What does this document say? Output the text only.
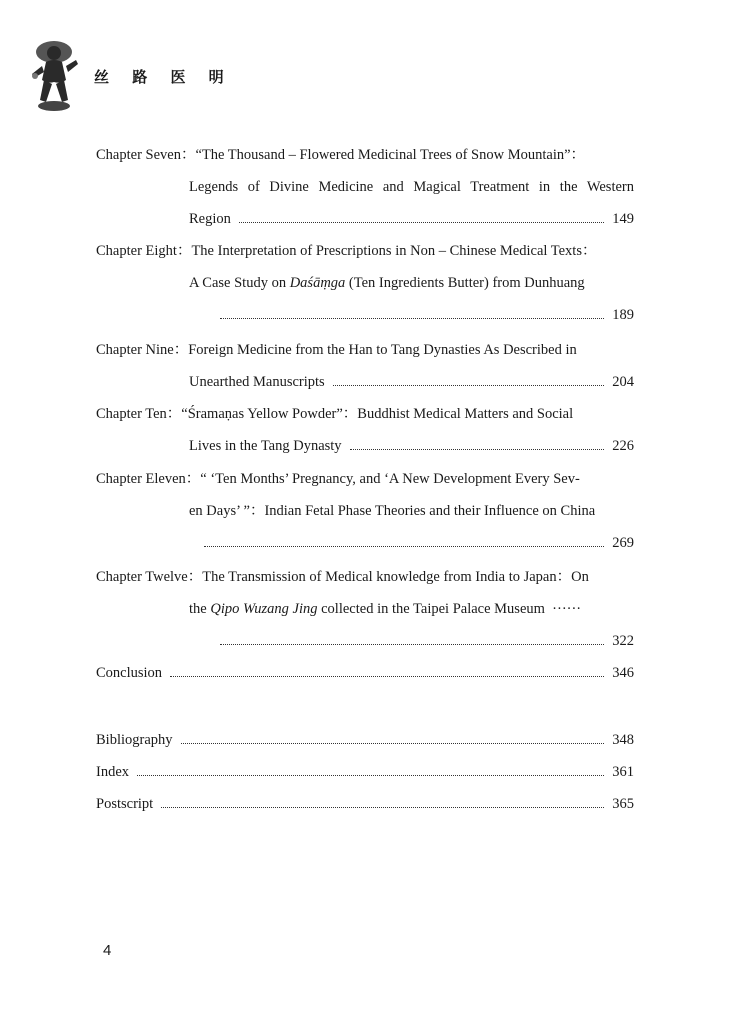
丝 路 医 明
Chapter Seven：“The Thousand – Flowered Medicinal Trees of Snow Mountain”：
Legends of Divine Medicine and Magical Treatment in the Western
Region	149
Chapter Eight：The Interpretation of Prescriptions in Non – Chinese Medical Texts：
A Case Study on Daśāṃga (Ten Ingredients Butter) from Dunhuang
189
Chapter Nine：Foreign Medicine from the Han to Tang Dynasties As Described in
Unearthed Manuscripts	204
Chapter Ten：“Śramaṇas Yellow Powder”：Buddhist Medical Matters and Social
Lives in the Tang Dynasty	226
Chapter Eleven：“ ‘Ten Months’ Pregnancy, and ‘A New Development Every Sev-
en Days’ ”：Indian Fetal Phase Theories and their Influence on China
269
Chapter Twelve：The Transmission of Medical knowledge from India to Japan：On
the Qipo Wuzang Jing collected in the Taipei Palace Museum ······
322
Conclusion	346
Bibliography	348
Index	361
Postscript	365
4
